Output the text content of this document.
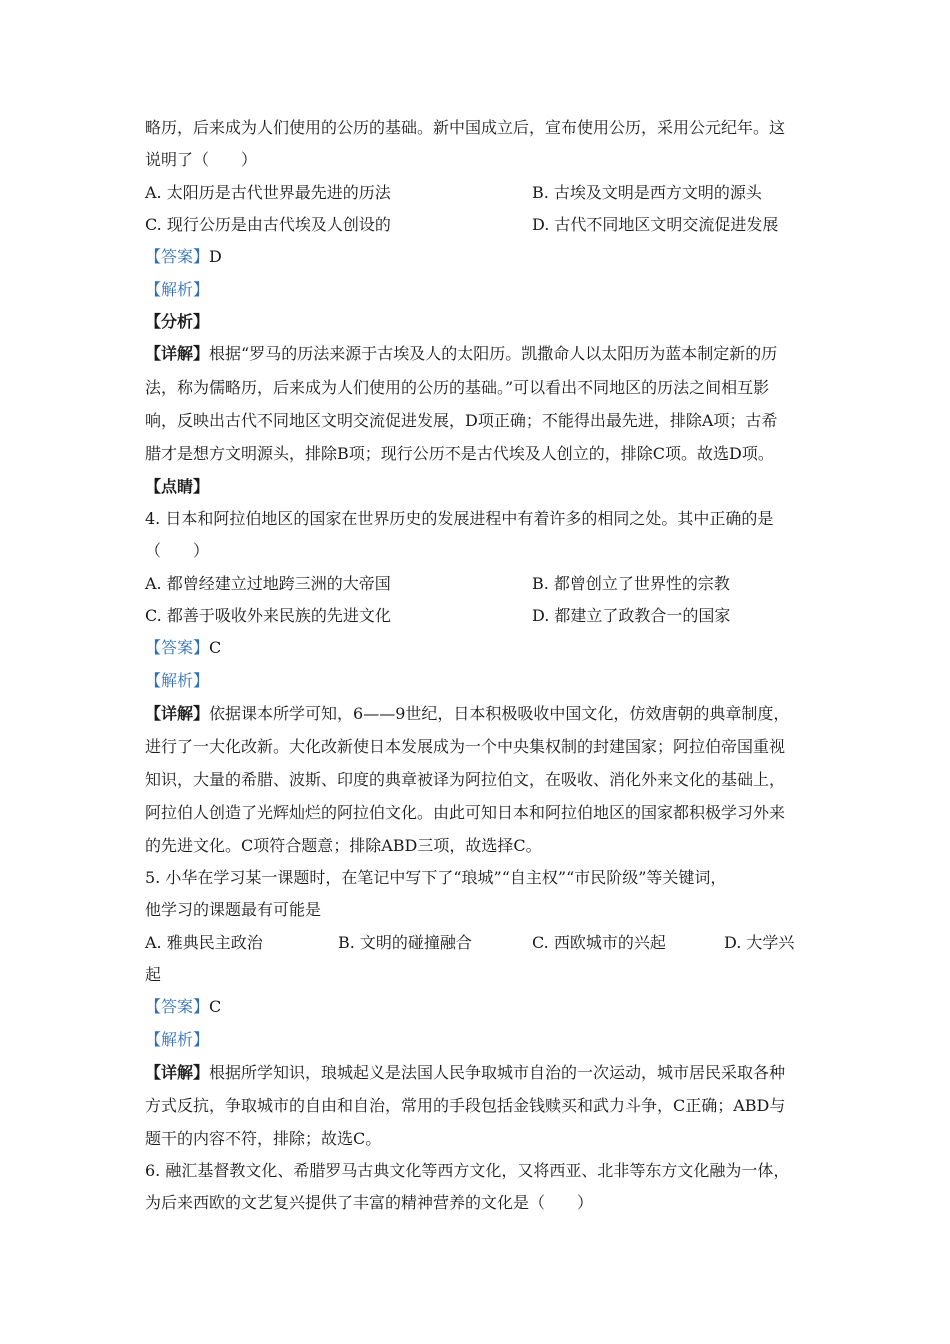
略历，后来成为人们使用的公历的基础。新中国成立后，宣布使用公历，采用公元纪年。这
说明了（　　）
A. 太阳历是古代世界最先进的历法	B. 古埃及文明是西方文明的源头
C. 现行公历是由古代埃及人创设的	D. 古代不同地区文明交流促进发展
【答案】D
【解析】
【分析】
【详解】根据“罗马的历法来源于古埃及人的太阳历。凯撒命人以太阳历为蓝本制定新的历
法，称为儒略历，后来成为人们使用的公历的基础。”可以看出不同地区的历法之间相互影
响，反映出古代不同地区文明交流促进发展，D项正确；不能得出最先进，排除A项；古希
腊才是想方文明源头，排除B项；现行公历不是古代埃及人创立的，排除C项。故选D项。
【点睛】
4. 日本和阿拉伯地区的国家在世界历史的发展进程中有着许多的相同之处。其中正确的是
（　　）
A. 都曾经建立过地跨三洲的大帝国	B. 都曾创立了世界性的宗教
C. 都善于吸收外来民族的先进文化	D. 都建立了政教合一的国家
【答案】C
【解析】
【详解】依据课本所学可知，6——9世纪，日本积极吸收中国文化，仿效唐朝的典章制度，
进行了一大化改新。大化改新使日本发展成为一个中央集权制的封建国家；阿拉伯帝国重视
知识，大量的希腊、波斯、印度的典章被译为阿拉伯文，在吸收、消化外来文化的基础上，
阿拉伯人创造了光辉灿烂的阿拉伯文化。由此可知日本和阿拉伯地区的国家都积极学习外来
的先进文化。C项符合题意；排除ABD三项，故选择C。
5. 小华在学习某一课题时，在笔记中写下了“琅城”“自主权”“市民阶级”等关键词，
他学习的课题最有可能是
A. 雅典民主政治	B. 文明的碰撞融合	C. 西欧城市的兴起	D. 大学兴
起
【答案】C
【解析】
【详解】根据所学知识，琅城起义是法国人民争取城市自治的一次运动，城市居民采取各种
方式反抗，争取城市的自由和自治，常用的手段包括金钱赎买和武力斗争，C正确；ABD与
题干的内容不符，排除；故选C。
6. 融汇基督教文化、希腊罗马古典文化等西方文化，又将西亚、北非等东方文化融为一体，
为后来西欧的文艺复兴提供了丰富的精神营养的文化是（　　）
